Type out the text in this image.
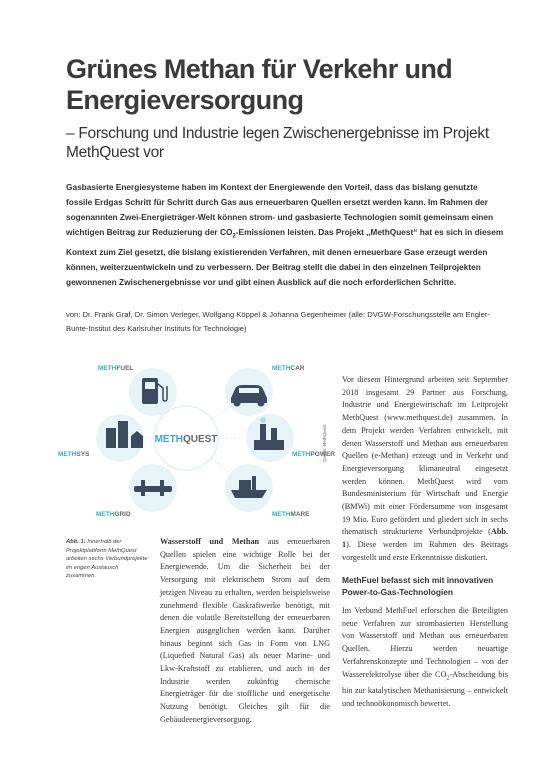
Grünes Methan für Verkehr und Energieversorgung

– Forschung und Industrie legen Zwischenergebnisse im Projekt MethQuest vor

Gasbasierte Energiesysteme haben im Kontext der Energiewende den Vorteil, dass das bislang genutzte fossile Erdgas Schritt für Schritt durch Gas aus erneuerbaren Quellen ersetzt werden kann. Im Rahmen der sogenannten Zwei-Energieträger-Welt können strom- und gasbasierte Technologien somit gemeinsam einen wichtigen Beitrag zur Reduzierung der $CO_2$-Emissionen leisten. Das Projekt „MethQuest“ hat es sich in diesem Kontext zum Ziel gesetzt, die bislang existierenden Verfahren, mit denen erneuerbare Gase erzeugt werden können, weiterzuentwickeln und zu verbessern. Der Beitrag stellt die dabei in den einzelnen Teilprojekten gewonnenen Zwischenergebnisse vor und gibt einen Ausblick auf die noch erforderlichen Schritte.

von: Dr. Frank Graf, Dr. Simon Verleger, Wolfgang Köppel & Johanna Gegenheimer (alle: DVGW-Forschungsstelle am Engler-Bunte-Institut des Karlsruher Instituts für Technologie)

METHQUEST
METHFUEL	METHCAR
METHSYS	METHPOWER
METHGRID	METHMARE
Quelle: MethQuest

Abb. 1: Innerhalb der Projektplattform MethQuest arbeiten sechs Verbundprojekte im engen Austausch zusammen.

Wasserstoff und Methan aus erneuerbaren Quellen spielen eine wichtige Rolle bei der Energiewende. Um die Sicherheit bei der Versorgung mit elektrischem Strom auf dem jetzigen Niveau zu erhalten, werden beispielsweise zunehmend flexible Gaskraftwerke benötigt, mit denen die volatile Bereitstellung der erneuerbaren Energien ausgeglichen werden kann. Darüber hinaus beginnt sich Gas in Form von LNG (Liquefied Natural Gas) als neuer Marine- und Lkw-Kraftstoff zu etablieren, und auch in der Industrie werden zukünftig chemische Energieträger für die stoffliche und energetische Nutzung benötigt. Gleiches gilt für die Gebäudeenergieversorgung.

Vor diesem Hintergrund arbeiten seit September 2018 insgesamt 29 Partner aus Forschung, Industrie und Energiewirtschaft im Leitprojekt MethQuest (www.methquest.de) zusammen. In dem Projekt werden Verfahren entwickelt, mit denen Wasserstoff und Methan aus erneuerbaren Quellen (e-Methan) erzeugt und in Verkehr und Energieversorgung klimaneutral eingesetzt werden können. MethQuest wird vom Bundesministerium für Wirtschaft und Energie (BMWi) mit einer Fördersumme von insgesamt 19 Mio. Euro gefördert und gliedert sich in sechs thematisch strukturierte Verbundprojekte (Abb. 1). Diese werden im Rahmen des Beitrags vorgestellt und erste Erkenntnisse diskutiert.

MethFuel befasst sich mit innovativen Power-to-Gas-Technologien

Im Verbund MethFuel erforschen die Beteiligten neue Verfahren zur strombasierten Herstellung von Wasserstoff und Methan aus erneuerbaren Quellen. Hierzu werden neuartige Verfahrenskonzepte und Technologien – von der Wasserelektrolyse über die $CO_2$-Abscheidung bis hin zur katalytischen Methanisierung – entwickelt und technoökonomisch bewertet.
